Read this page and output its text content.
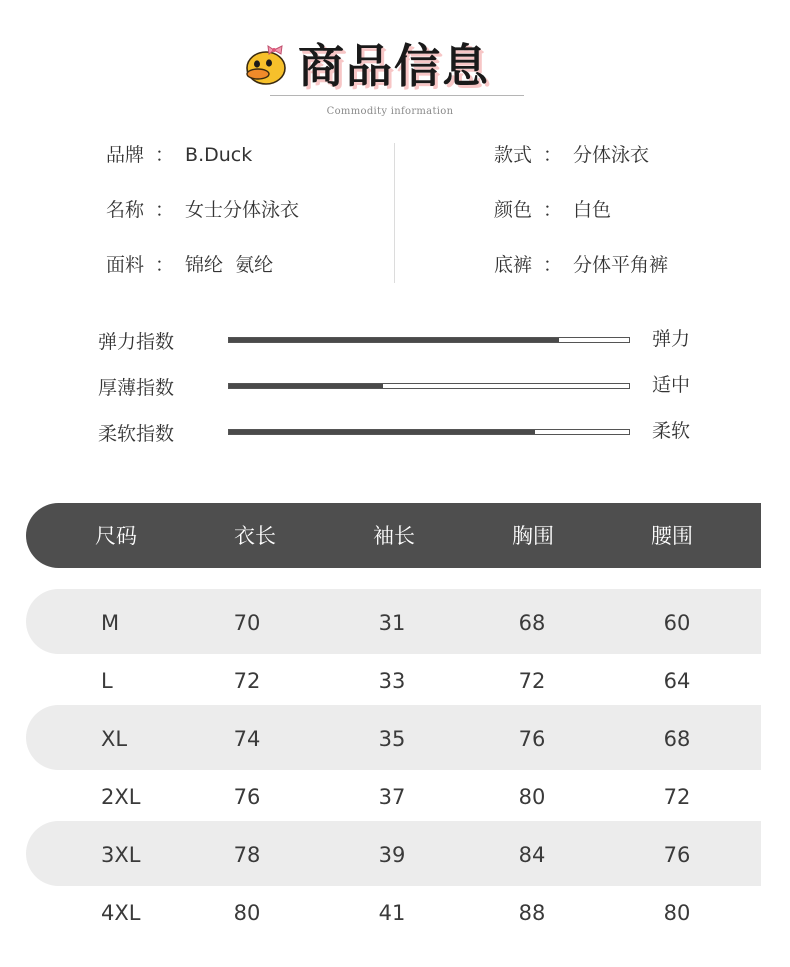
商品信息
Commodity information
品牌 ： B.Duck
名称 ： 女士分体泳衣
面料 ： 锦纶  氨纶
款式 ： 分体泳衣
颜色 ： 白色
底裤 ： 分体平角裤
弹力指数	弹力
厚薄指数	适中
柔软指数	柔软
尺码	衣长	袖长	胸围	腰围
M	70	31	68	60
L	72	33	72	64
XL	74	35	76	68
2XL	76	37	80	72
3XL	78	39	84	76
4XL	80	41	88	80
